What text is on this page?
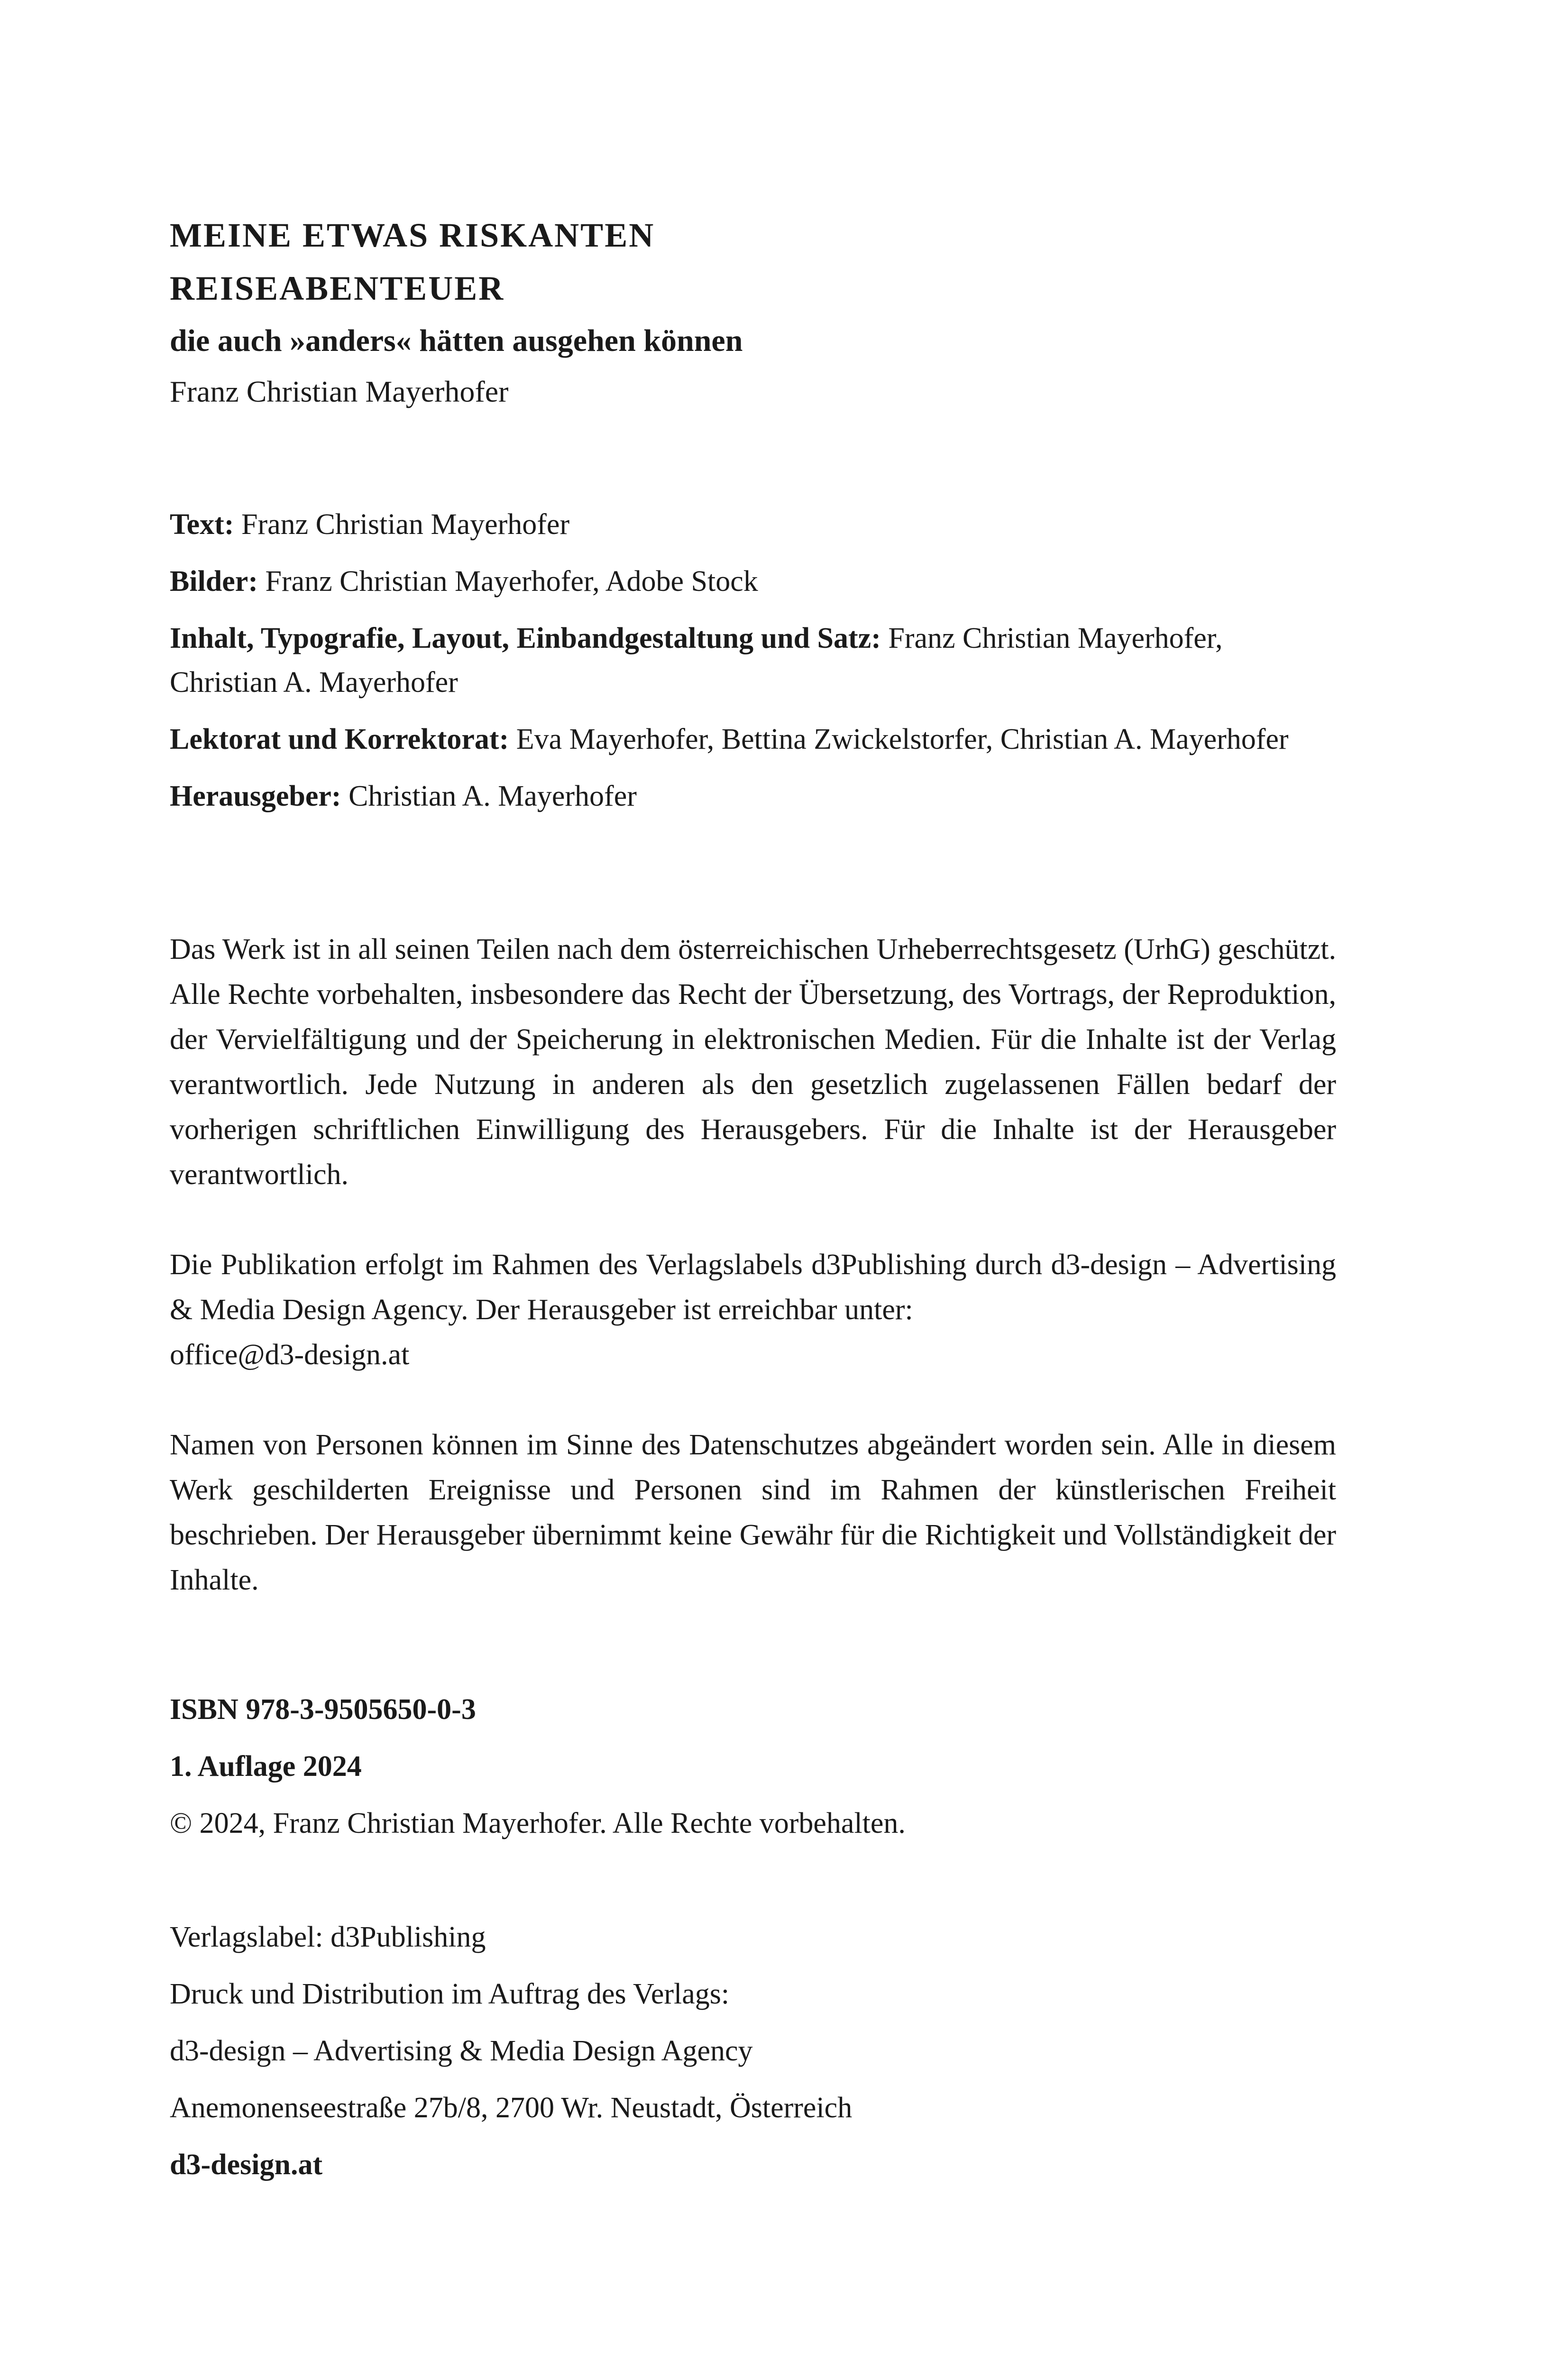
MEINE ETWAS RISKANTEN

REISEABENTEUER

die auch »anders« hätten ausgehen können

Franz Christian Mayerhofer

Text: Franz Christian Mayerhofer

Bilder: Franz Christian Mayerhofer, Adobe Stock

Inhalt, Typografie, Layout, Einbandgestaltung und Satz: Franz Christian Mayerhofer, Christian A. Mayerhofer

Lektorat und Korrektorat: Eva Mayerhofer, Bettina Zwickelstorfer, Christian A. Mayerhofer

Herausgeber: Christian A. Mayerhofer

Das Werk ist in all seinen Teilen nach dem österreichischen Urheberrechtsgesetz (UrhG) geschützt. Alle Rechte vorbehalten, insbesondere das Recht der Übersetzung, des Vortrags, der Reproduktion, der Vervielfältigung und der Speicherung in elektronischen Medien. Für die Inhalte ist der Verlag verantwortlich. Jede Nutzung in anderen als den gesetzlich zugelassenen Fällen bedarf der vorherigen schriftlichen Einwilligung des Herausgebers. Für die Inhalte ist der Herausgeber verantwortlich.

Die Publikation erfolgt im Rahmen des Verlagslabels d3Publishing durch d3-design – Advertising & Media Design Agency. Der Herausgeber ist erreichbar unter:

office@d3-design.at

Namen von Personen können im Sinne des Datenschutzes abgeändert worden sein. Alle in diesem Werk geschilderten Ereignisse und Personen sind im Rahmen der künstlerischen Freiheit beschrieben. Der Herausgeber übernimmt keine Gewähr für die Richtigkeit und Vollständigkeit der Inhalte.

ISBN 978-3-9505650-0-3

1. Auflage 2024

© 2024, Franz Christian Mayerhofer. Alle Rechte vorbehalten.

Verlagslabel: d3Publishing

Druck und Distribution im Auftrag des Verlags:

d3-design – Advertising & Media Design Agency

Anemonenseestraße 27b/8, 2700 Wr. Neustadt, Österreich

d3-design.at
